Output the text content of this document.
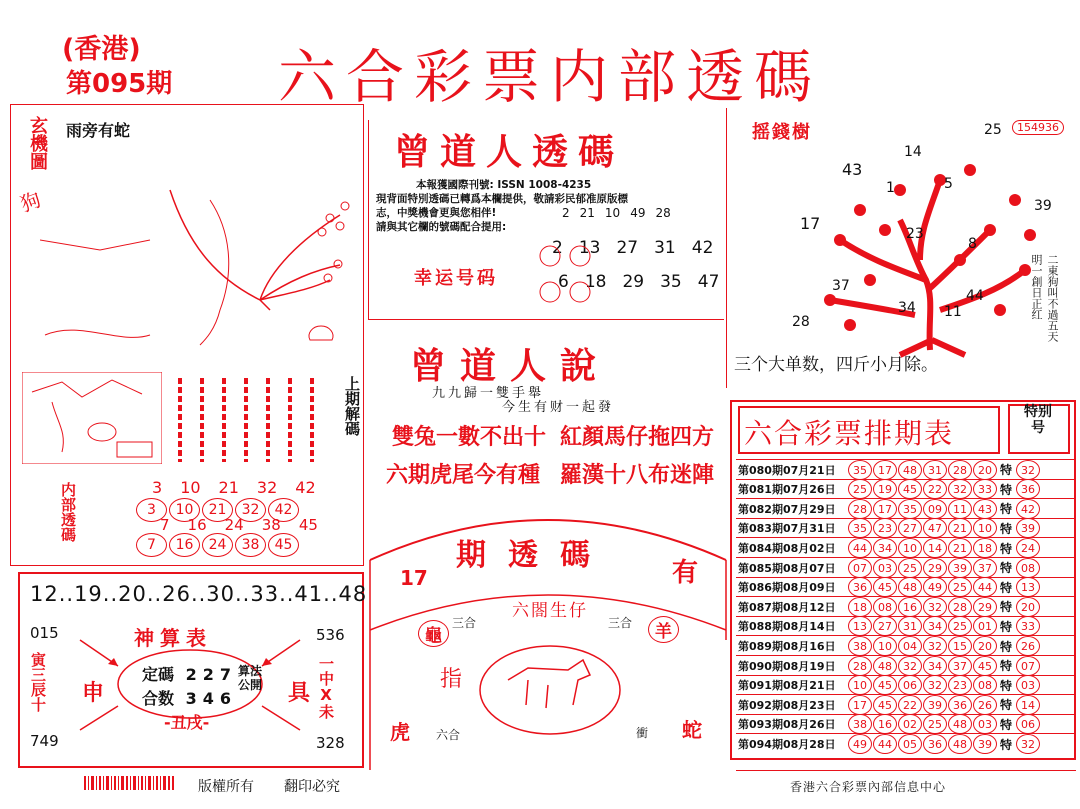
(香港)
第095期 六合彩票内部透碼
玄機圖
狗
雨旁有蛇
上期解碼
内部透碼	3 10 21 32 42
3	10	21	32	42
7 16 24 38 45
7	16	24	38	45
12..19..20..26..30..33..41..48
神算表
015	536
749	328
寅三辰十 申	具 一中Ⅹ未
定碼 227
合数 346
算法公開
-丑戌-
曾道人透碼
本報獲國際刊號: ISSN 1008-4235
現背面特別透碼已轉爲本欄提供，敬請彩民郁准原版標
志，中獎機會更與您相伴!
請與其它欄的號碼配合提用:
2 21 10 49 28
幸运号码
2 13 27 31 42
6 18 29 35 47
曾道人說
九九歸一雙手舉
今生有财一起發
雙兔一數不出十 紅顏馬仔拖四方
六期虎尾今有種 羅漢十八布迷陣
17
期透碼 有
六閤生仔
三合	三合
龜	羊
指
虎 六合	衝 蛇
摇錢樹	154936
25
14
43
1	5
17
23
8
39
37
34
44
11
28	二東狗叫不過五天明一創日正红
三个大单数，四斤小月除。
六合彩票排期表
特别号
第080期07月21日	35	17	48	31	28	20 特 32
第081期07月26日	25	19	45	22	32	33 特 36
第082期07月29日	28	17	35	09	11	43 特 42
第083期07月31日	35	23	27	47	21	10 特 39
第084期08月02日	44	34	10	14	21	18 特 24
第085期08月07日	07	03	25	29	39	37 特 08
第086期08月09日	36	45	48	49	25	44 特 13
第087期08月12日	18	08	16	32	28	29 特 20
第088期08月14日	13	27	31	34	25	01 特 33
第089期08月16日	38	10	04	32	15	20 特 26
第090期08月19日	28	48	32	34	37	45 特 07
第091期08月21日	10	45	06	32	23	08 特 03
第092期08月23日	17	45	22	39	36	26 特 14
第093期08月26日	38	16	02	25	48	03 特 06
第094期08月28日	49	44	05	36	48	39 特 32
版權所有 翻印必究	香港六合彩票內部信息中心
